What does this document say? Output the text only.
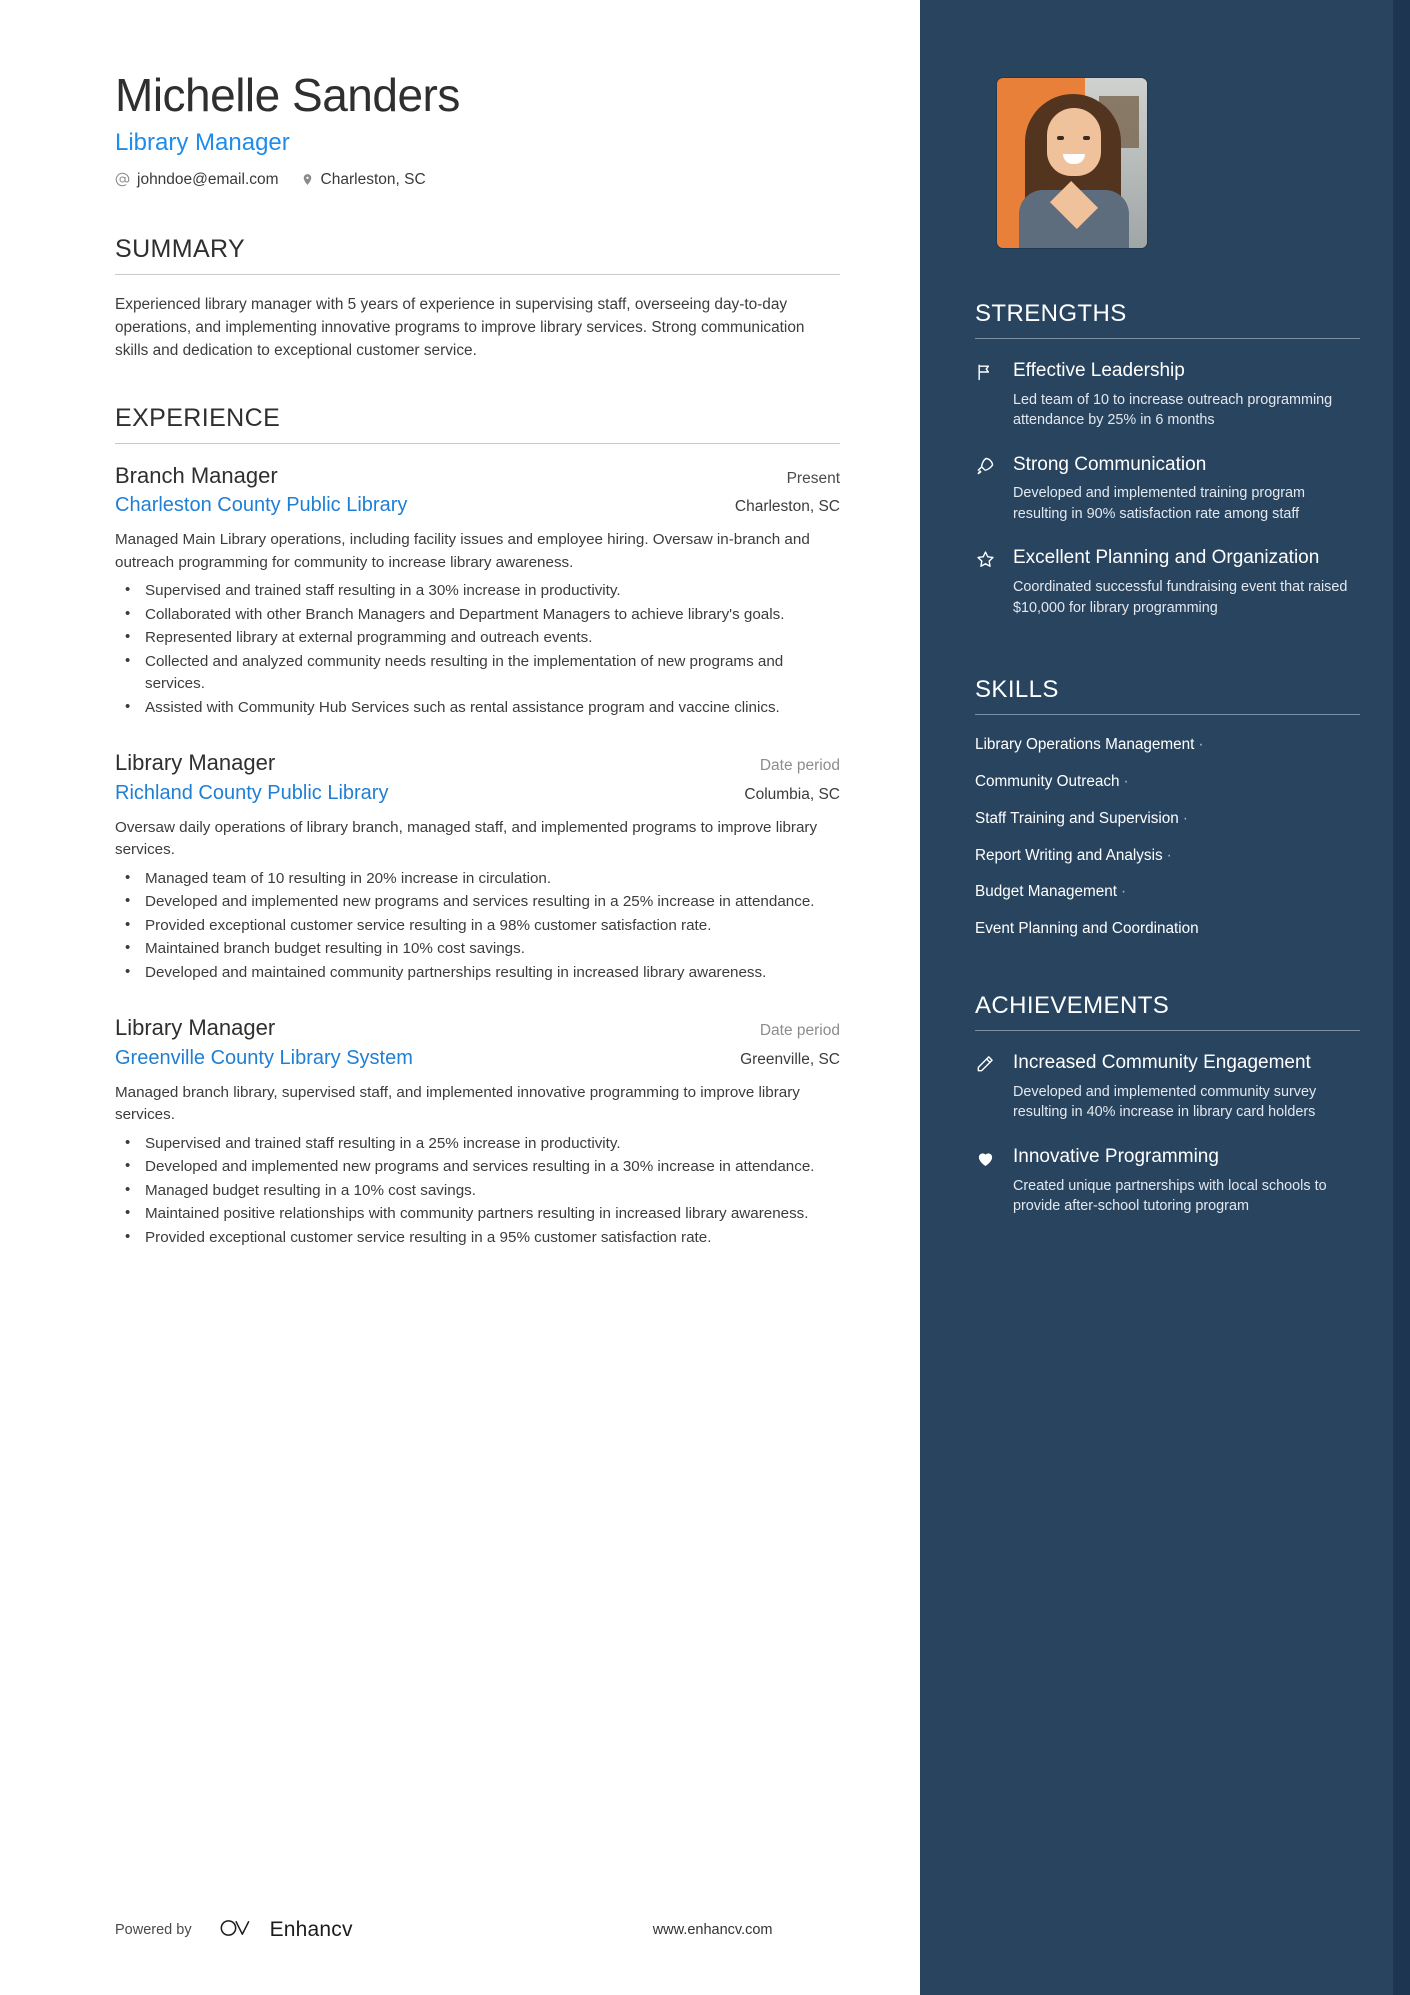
Michelle Sanders
Library Manager
johndoe@email.com	Charleston, SC
SUMMARY

Experienced library manager with 5 years of experience in supervising staff, overseeing day-to-day operations, and implementing innovative programs to improve library services. Strong communication skills and dedication to exceptional customer service.

EXPERIENCE
Branch Manager	Present
Charleston County Public Library	Charleston, SC

Managed Main Library operations, including facility issues and employee hiring. Oversaw in-branch and outreach programming for community to increase library awareness.

• Supervised and trained staff resulting in a 30% increase in productivity.
• Collaborated with other Branch Managers and Department Managers to achieve library's goals.
• Represented library at external programming and outreach events.
• Collected and analyzed community needs resulting in the implementation of new programs and services.
• Assisted with Community Hub Services such as rental assistance program and vaccine clinics.
Library Manager	Date period
Richland County Public Library	Columbia, SC

Oversaw daily operations of library branch, managed staff, and implemented programs to improve library services.

• Managed team of 10 resulting in 20% increase in circulation.
• Developed and implemented new programs and services resulting in a 25% increase in attendance.
• Provided exceptional customer service resulting in a 98% customer satisfaction rate.
• Maintained branch budget resulting in 10% cost savings.
• Developed and maintained community partnerships resulting in increased library awareness.
Library Manager	Date period
Greenville County Library System	Greenville, SC

Managed branch library, supervised staff, and implemented innovative programming to improve library services.

• Supervised and trained staff resulting in a 25% increase in productivity.
• Developed and implemented new programs and services resulting in a 30% increase in attendance.
• Managed budget resulting in a 10% cost savings.
• Maintained positive relationships with community partners resulting in increased library awareness.
• Provided exceptional customer service resulting in a 95% customer satisfaction rate.
STRENGTHS
Effective Leadership
Led team of 10 to increase outreach programming attendance by 25% in 6 months
Strong Communication
Developed and implemented training program resulting in 90% satisfaction rate among staff
Excellent Planning and Organization
Coordinated successful fundraising event that raised $10,000 for library programming
SKILLS
Library Operations Management ·
Community Outreach ·
Staff Training and Supervision ·
Report Writing and Analysis ·
Budget Management ·
Event Planning and Coordination
ACHIEVEMENTS
Increased Community Engagement
Developed and implemented community survey resulting in 40% increase in library card holders
Innovative Programming
Created unique partnerships with local schools to provide after-school tutoring program
Powered by	Enhancv	www.enhancv.com
